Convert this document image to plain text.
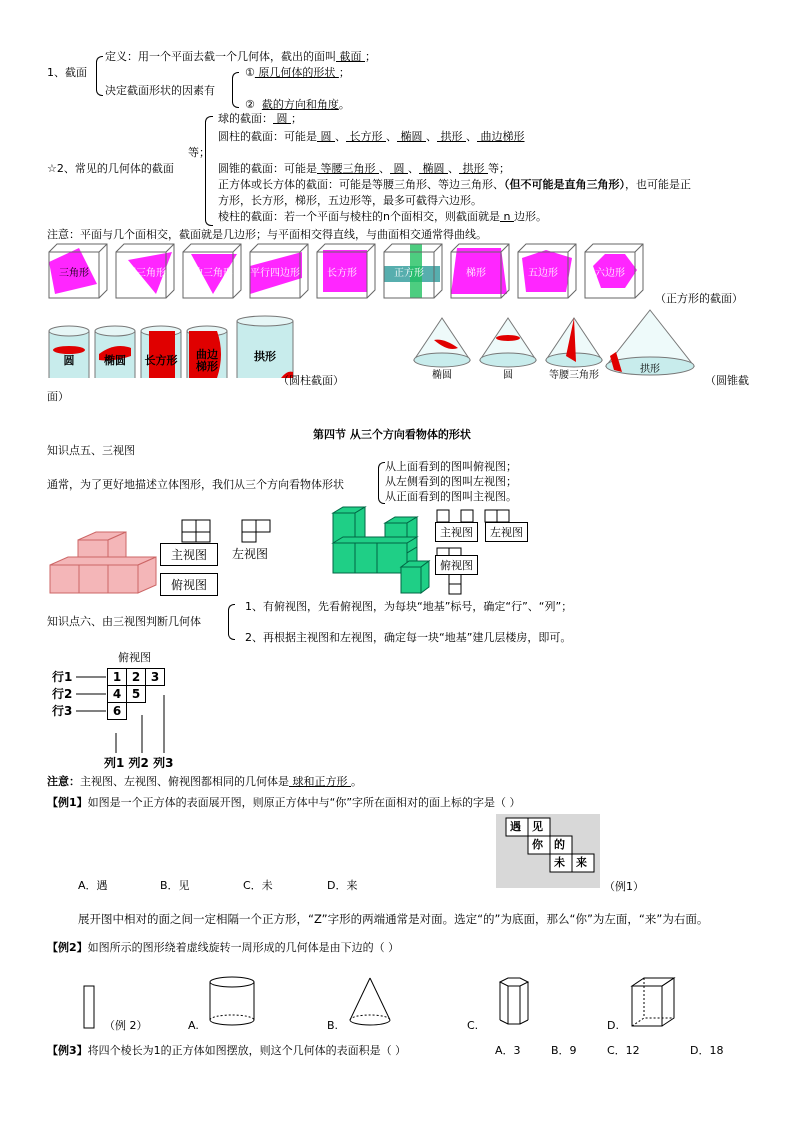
1、截面
定义：用一个平面去截一个几何体，截出的面叫 截面 ；
决定截面形状的因素有
① 原几何体的形状 ；
② 截的方向和角度。
☆2、常见的几何体的截面
球的截面： 圆 ；
圆柱的截面：可能是 圆 、 长方形 、 椭圆 、 拱形 、 曲边梯形
等；
圆锥的截面：可能是 等腰三角形 、 圆 、 椭圆 、 拱形 等；
正方体或长方体的截面：可能是等腰三角形、等边三角形、（但不可能是直角三角形），也可能是正
方形，长方形，梯形，五边形等，最多可截得六边形。
棱柱的截面：若一个平面与棱柱的n个面相交，则截面就是 n 边形。
注意：平面与几个面相交，截面就是几边形；与平面相交得直线，与曲面相交通常得曲线。
三角形	等腰三角形 等边三角形 平行四边形	长方形	正方形	梯形	五边形	六边形
（正方形的截面）
圆	椭圆 长方形 曲边
梯形
拱形
（圆柱截面）	椭圆	圆	等腰三角形
拱形
（圆锥截
面）
第四节 从三个方向看物体的形状
知识点五、三视图
通常，为了更好地描述立体图形，我们从三个方向看物体形状
从上面看到的图叫俯视图；
从左侧看到的图叫左视图；
从正面看到的图叫主视图。
主视图	左视图
俯视图
主视图	左视图
俯视图
知识点六、由三视图判断几何体
1、有俯视图，先看俯视图，为每块“地基”标号，确定“行”、“列”；
2、再根据主视图和左视图，确定每一块“地基”建几层楼房，即可。
俯视图
行1
行2
行3
1	2	3
4	5	
6		
列1 列2 列3
注意：主视图、左视图、俯视图都相同的几何体是 球和正方形 。
【例1】如图是一个正方体的表面展开图，则原正方体中与“你”字所在面相对的面上标的字是（ ）
遇 见
你 的
未 来
（例1）
A．遇	B．见	C．未	D．来
展开图中相对的面之间一定相隔一个正方形，“Z”字形的两端通常是对面。选定“的”为底面，那么“你”为左面，“来”为右面。
【例2】如图所示的图形绕着虚线旋转一周形成的几何体是由下边的（ ）
（例 2）	A.	B.	C.	D.
【例3】将四个棱长为1的正方体如图摆放，则这个几何体的表面积是（ ）	A．3	B．9	C．12	D．18
